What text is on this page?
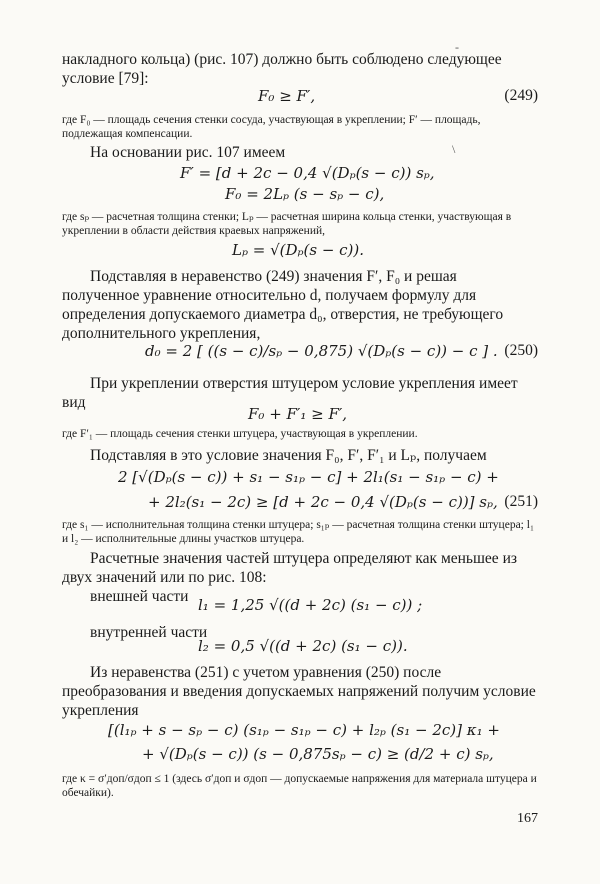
-
\
накладного кольца) (рис. 107) должно быть соблюдено следующее условие [79]:
F₀ ≥ F′,	(249)
где F₀ — площадь сечения стенки сосуда, участвующая в укреплении; F′ — площадь, подлежащая компенсации.
На основании рис. 107 имеем
F′ = [d + 2c − 0,4 √(Dₚ(s − c)) sₚ,
F₀ = 2Lₚ (s − sₚ − c),
где sₚ — расчетная толщина стенки; Lₚ — расчетная ширина кольца стенки, участвующая в укреплении в области действия краевых напряжений,
Lₚ = √(Dₚ(s − c)).
Подставляя в неравенство (249) значения F′, F₀ и решая полученное уравнение относительно d, получаем формулу для определения допускаемого диаметра d₀, отверстия, не требующего дополнительного укрепления,
d₀ = 2 [ ((s − c)/sₚ − 0,875) √(Dₚ(s − c)) − c ] . (250)
При укреплении отверстия штуцером условие укрепления имеет вид
F₀ + F′₁ ≥ F′,
где F′₁ — площадь сечения стенки штуцера, участвующая в укреплении.
Подставляя в это условие значения F₀, F′, F′₁ и Lₚ, получаем
2 [√(Dₚ(s − c)) + s₁ − s₁ₚ − c] + 2l₁(s₁ − s₁ₚ − c) +
+ 2l₂(s₁ − 2c) ≥ [d + 2c − 0,4 √(Dₚ(s − c))] sₚ, (251)
где s₁ — исполнительная толщина стенки штуцера; s₁ₚ — расчетная толщина стенки штуцера; l₁ и l₂ — исполнительные длины участков штуцера.
Расчетные значения частей штуцера определяют как меньшее из двух значений или по рис. 108:
внешней части l₁ = 1,25 √((d + 2c) (s₁ − c)) ;
внутренней части
l₂ = 0,5 √((d + 2c) (s₁ − c)).
Из неравенства (251) с учетом уравнения (250) после преобразования и введения допускаемых напряжений получим условие укрепления
[(l₁ₚ + s − sₚ − c) (s₁ₚ − s₁ₚ − c) + l₂ₚ (s₁ − 2c)] κ₁ +
+ √(Dₚ(s − c)) (s − 0,875sₚ − c) ≥ (d/2 + c) sₚ,
где κ = σ′доп/σдоп ≤ 1 (здесь σ′доп и σдоп — допускаемые напряжения для материала штуцера и обечайки).
167
